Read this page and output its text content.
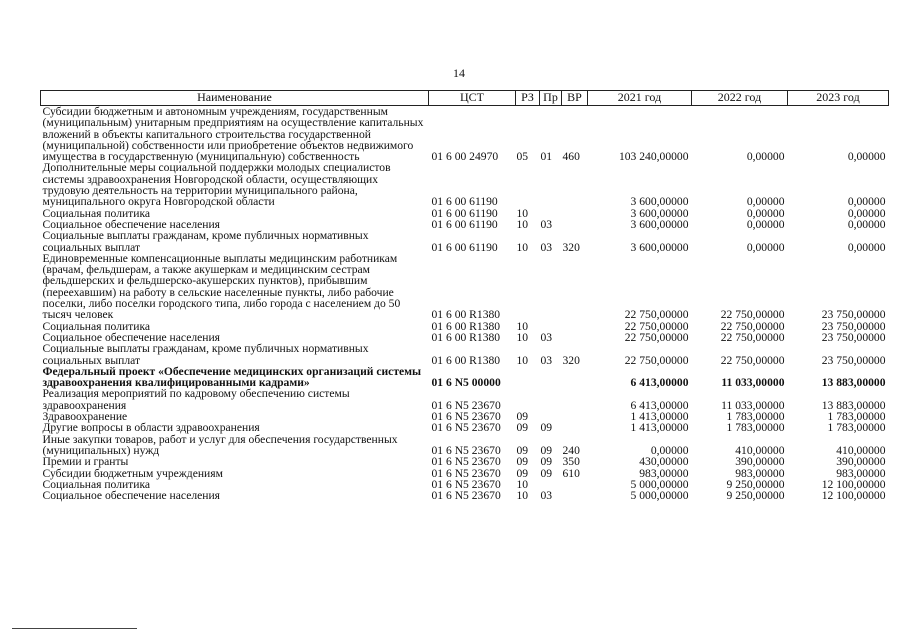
14
Наименование	ЦСТ	РЗ	Пр	ВР	2021 год	2022 год	2023 год
Субсидии бюджетным и автономным учреждениям, государственным (муниципальным) унитарным предприятиям на осуществление капитальных вложений в объекты капитального строительства государственной (муниципальной) собственности или приобретение объектов недвижимого имущества в государственную (муниципальную) собственность	01 6 00 24970	05	01	460	103 240,00000	0,00000	0,00000
Дополнительные меры социальной поддержки молодых специалистов системы здравоохранения Новгородской области, осуществляющих трудовую деятельность на территории муниципального района, муниципального округа Новгородской области	01 6 00 61190				3 600,00000	0,00000	0,00000
Социальная политика	01 6 00 61190	10			3 600,00000	0,00000	0,00000
Социальное обеспечение населения	01 6 00 61190	10	03		3 600,00000	0,00000	0,00000
Социальные выплаты гражданам, кроме публичных нормативных социальных выплат	01 6 00 61190	10	03	320	3 600,00000	0,00000	0,00000
Единовременные компенсационные выплаты медицинским работникам (врачам, фельдшерам, а также акушеркам и медицинским сестрам фельдшерских и фельдшерско-акушерских пунктов), прибывшим (переехавшим) на работу в сельские населенные пункты, либо рабочие поселки, либо поселки городского типа, либо города с населением до 50 тысяч человек	01 6 00 R1380				22 750,00000	22 750,00000	23 750,00000
Социальная политика	01 6 00 R1380	10			22 750,00000	22 750,00000	23 750,00000
Социальное обеспечение населения	01 6 00 R1380	10	03		22 750,00000	22 750,00000	23 750,00000
Социальные выплаты гражданам, кроме публичных нормативных социальных выплат	01 6 00 R1380	10	03	320	22 750,00000	22 750,00000	23 750,00000
Федеральный проект «Обеспечение медицинских организаций системы здравоохранения квалифицированными кадрами»	01 6 N5 00000				6 413,00000	11 033,00000	13 883,00000
Реализация мероприятий по кадровому обеспечению системы здравоохранения	01 6 N5 23670				6 413,00000	11 033,00000	13 883,00000
Здравоохранение	01 6 N5 23670	09			1 413,00000	1 783,00000	1 783,00000
Другие вопросы в области здравоохранения	01 6 N5 23670	09	09		1 413,00000	1 783,00000	1 783,00000
Иные закупки товаров, работ и услуг для обеспечения государственных (муниципальных) нужд	01 6 N5 23670	09	09	240	0,00000	410,00000	410,00000
Премии и гранты	01 6 N5 23670	09	09	350	430,00000	390,00000	390,00000
Субсидии бюджетным учреждениям	01 6 N5 23670	09	09	610	983,00000	983,00000	983,00000
Социальная политика	01 6 N5 23670	10			5 000,00000	9 250,00000	12 100,00000
Социальное обеспечение населения	01 6 N5 23670	10	03		5 000,00000	9 250,00000	12 100,00000
